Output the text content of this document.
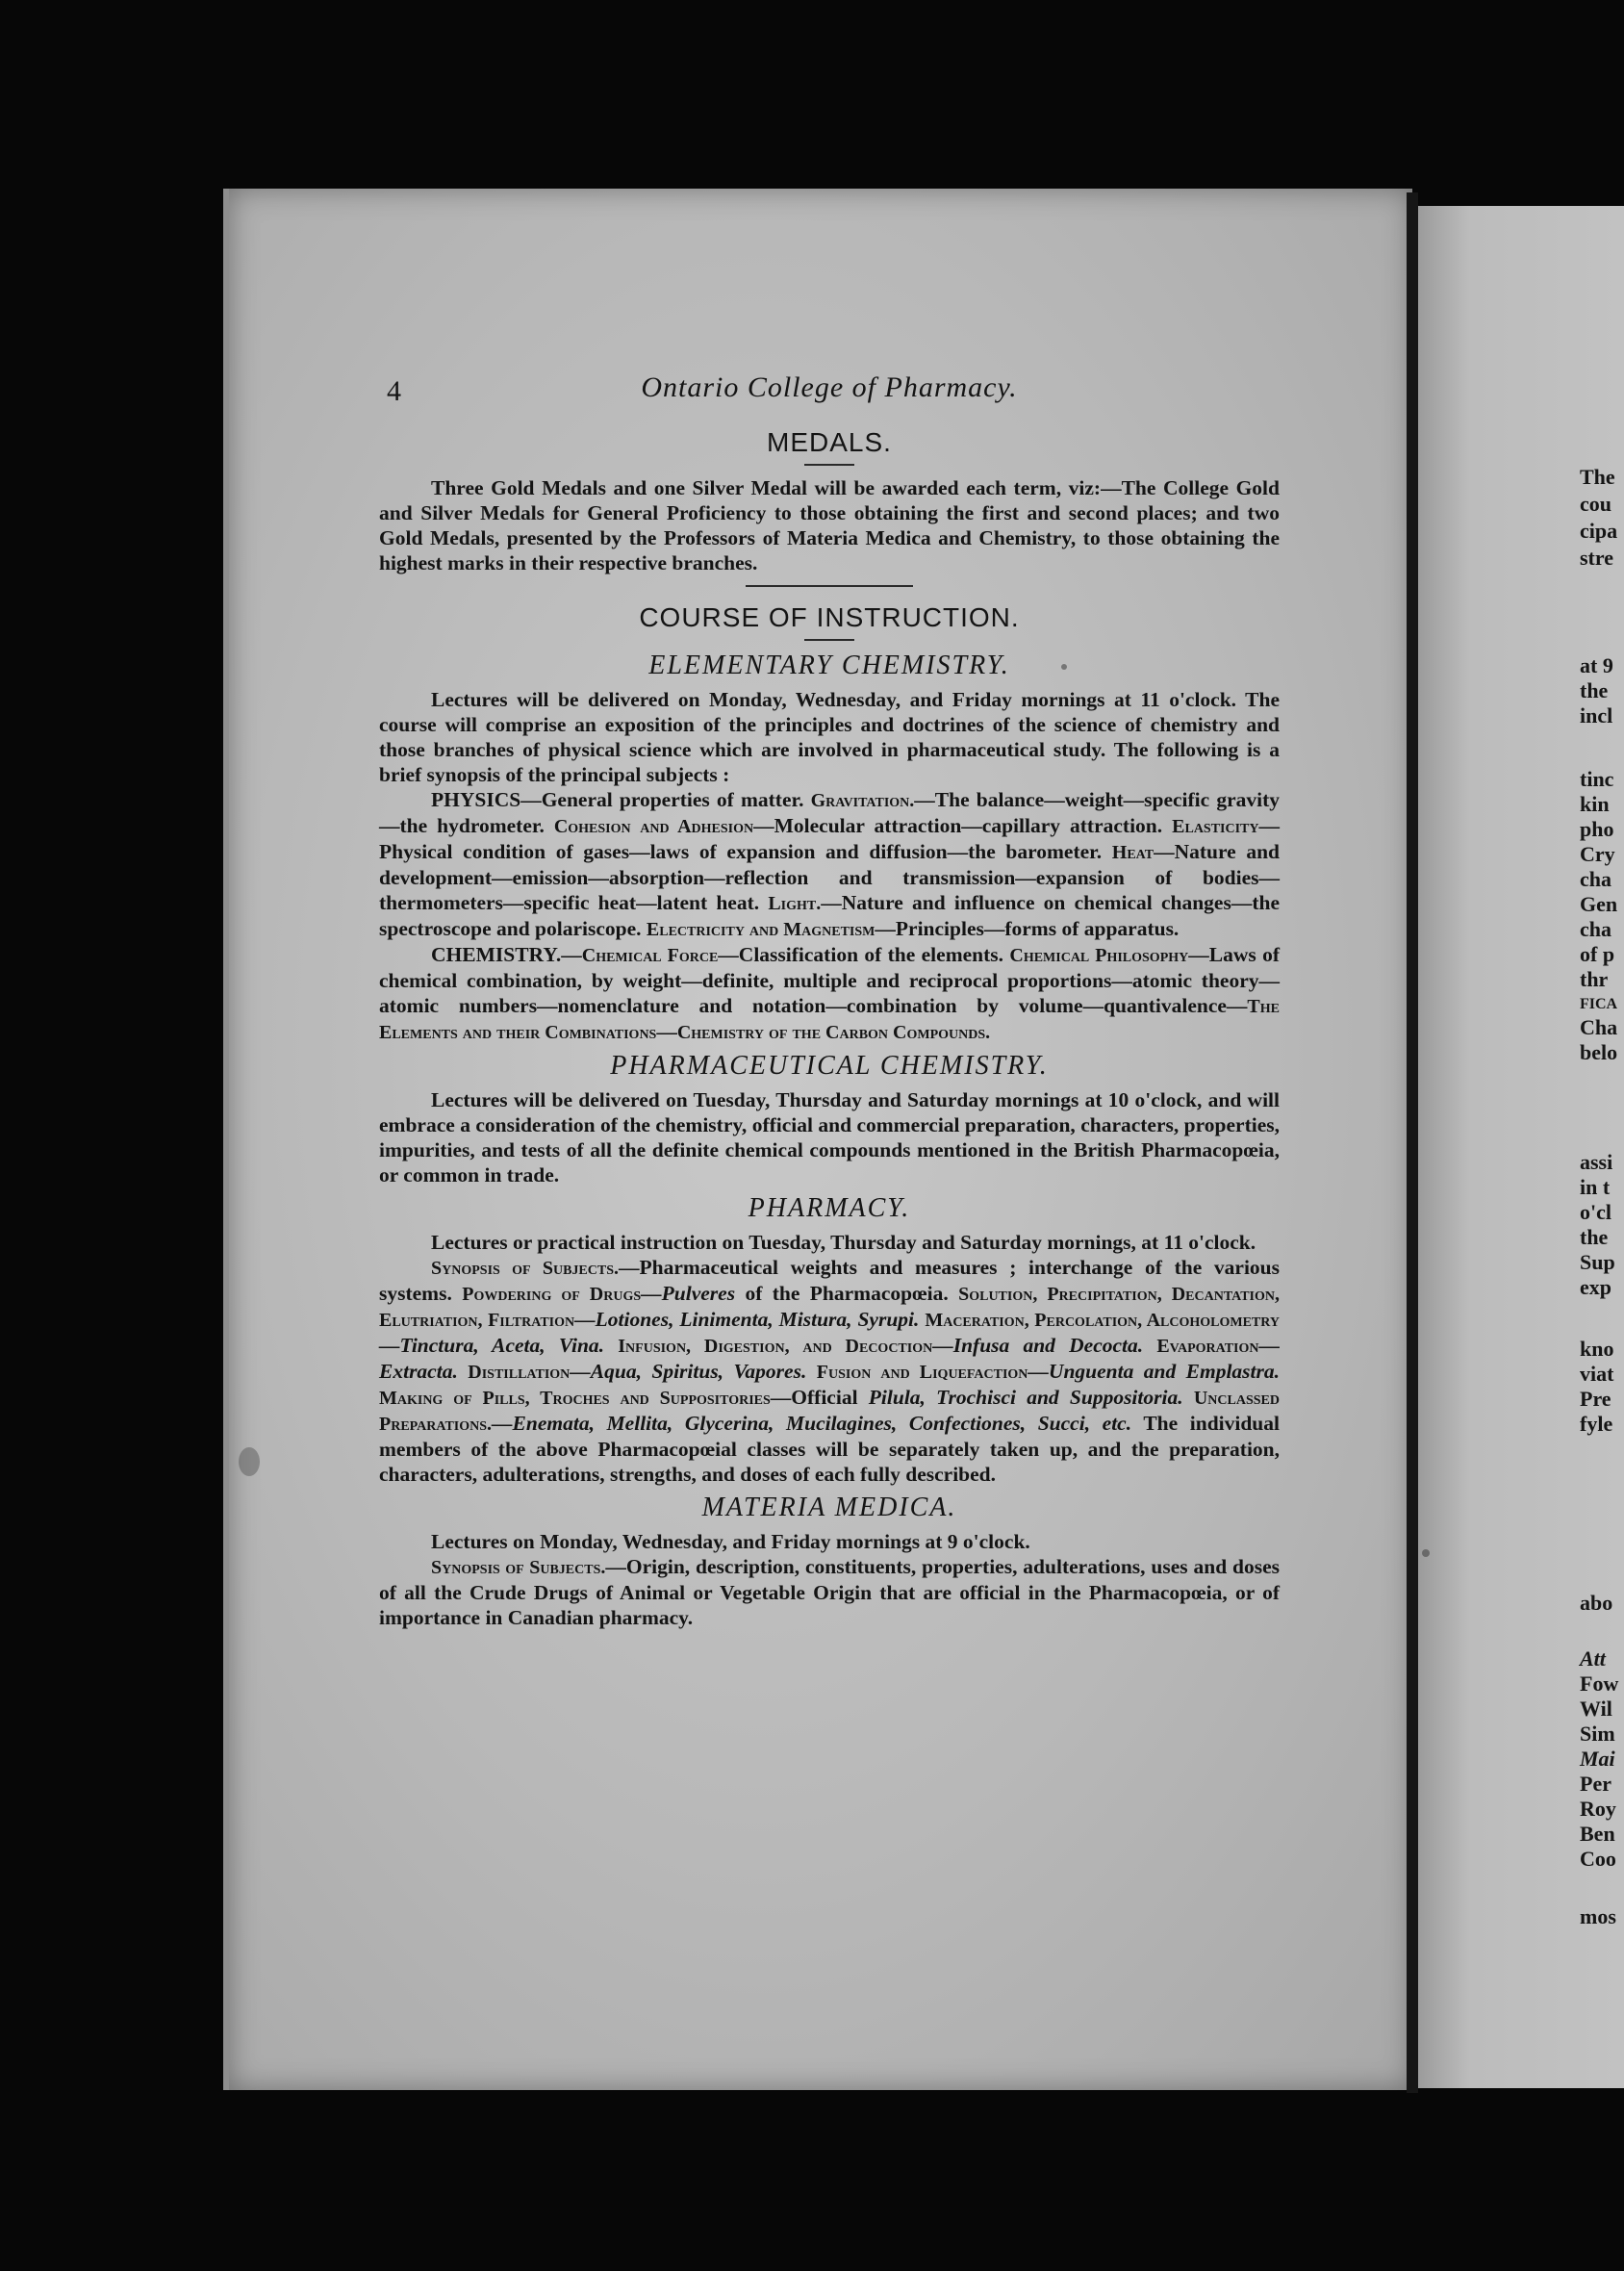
4	Ontario College of Pharmacy.
MEDALS.

Three Gold Medals and one Silver Medal will be awarded each term, viz:—The College Gold and Silver Medals for General Proficiency to those obtaining the first and second places; and two Gold Medals, presented by the Professors of Materia Medica and Chemistry, to those obtaining the highest marks in their respective branches.

COURSE OF INSTRUCTION.
ELEMENTARY CHEMISTRY.

Lectures will be delivered on Monday, Wednesday, and Friday mornings at 11 o'clock. The course will comprise an exposition of the principles and doctrines of the science of chemistry and those branches of physical science which are involved in pharmaceutical study. The following is a brief synopsis of the principal subjects :

PHYSICS—General properties of matter. Gravitation.—The balance—weight—specific gravity—the hydrometer. Cohesion and Adhesion—Molecular attraction—capillary attraction. Elasticity—Physical condition of gases—laws of expansion and diffusion—the barometer. Heat—Nature and development—emission—absorption—reflection and transmission—expansion of bodies—thermometers—specific heat—latent heat. Light.—Nature and influence on chemical changes—the spectroscope and polariscope. Electricity and Magnetism—Principles—forms of apparatus.

CHEMISTRY.—Chemical Force—Classification of the elements. Chemical Philosophy—Laws of chemical combination, by weight—definite, multiple and reciprocal proportions—atomic theory—atomic numbers—nomenclature and notation—combination by volume—quantivalence—The Elements and their Combinations—Chemistry of the Carbon Compounds.

PHARMACEUTICAL CHEMISTRY.

Lectures will be delivered on Tuesday, Thursday and Saturday mornings at 10 o'clock, and will embrace a consideration of the chemistry, official and commercial preparation, characters, properties, impurities, and tests of all the definite chemical compounds mentioned in the British Pharmacopœia, or common in trade.

PHARMACY.

Lectures or practical instruction on Tuesday, Thursday and Saturday mornings, at 11 o'clock.

Synopsis of Subjects.—Pharmaceutical weights and measures ; interchange of the various systems. Powdering of Drugs—Pulveres of the Pharmacopœia. Solution, Precipitation, Decantation, Elutriation, Filtration—Lotiones, Linimenta, Mistura, Syrupi. Maceration, Percolation, Alcoholometry—Tinctura, Aceta, Vina. Infusion, Digestion, and Decoction—Infusa and Decocta. Evaporation—Extracta. Distillation—Aqua, Spiritus, Vapores. Fusion and Liquefaction—Unguenta and Emplastra. Making of Pills, Troches and Suppositories—Official Pilula, Trochisci and Suppositoria. Unclassed Preparations.—Enemata, Mellita, Glycerina, Mucilagines, Confectiones, Succi, etc. The individual members of the above Pharmacopœial classes will be separately taken up, and the preparation, characters, adulterations, strengths, and doses of each fully described.

MATERIA MEDICA.

Lectures on Monday, Wednesday, and Friday mornings at 9 o'clock.

Synopsis of Subjects.—Origin, description, constituents, properties, adulterations, uses and doses of all the Crude Drugs of Animal or Vegetable Origin that are official in the Pharmacopœia, or of importance in Canadian pharmacy.

The
cou
cipa
stre
at 9
the
incl
tinc
kin
pho
Cry
cha
Gen
cha
of p
thr
FICA
Cha
belo
assi
in t
o'cl
the
Sup
exp
kno
viat
Pre
fyle
abo
Att
Fow
Wil
Sim
Mai
Per
Roy
Ben
Coo
mos
